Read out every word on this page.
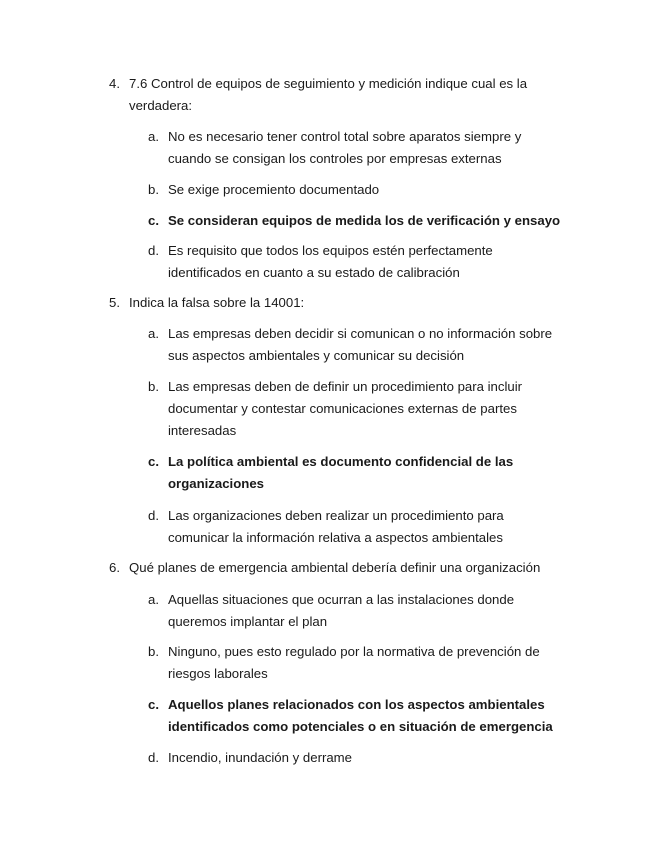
4. 7.6 Control de equipos de seguimiento y medición indique cual es la verdadera:
a. No es necesario tener control total sobre aparatos siempre y cuando se consigan los controles por empresas externas
b. Se exige procemiento documentado
c. Se consideran equipos de medida los de verificación y ensayo
d. Es requisito que todos los equipos estén perfectamente identificados en cuanto a su estado de calibración
5. Indica la falsa sobre la 14001:
a. Las empresas deben decidir si comunican o no información sobre sus aspectos ambientales y comunicar su decisión
b. Las empresas deben de definir un procedimiento para incluir documentar y contestar comunicaciones externas de partes interesadas
c. La política ambiental es documento confidencial de las organizaciones
d. Las organizaciones deben realizar un procedimiento para comunicar la información relativa a aspectos ambientales
6. Qué planes de emergencia ambiental debería definir una organización
a. Aquellas situaciones que ocurran a las instalaciones donde queremos implantar el plan
b. Ninguno, pues esto regulado por la normativa de prevención de riesgos laborales
c. Aquellos planes relacionados con los aspectos ambientales identificados como potenciales o en situación de emergencia
d. Incendio, inundación y derrame
